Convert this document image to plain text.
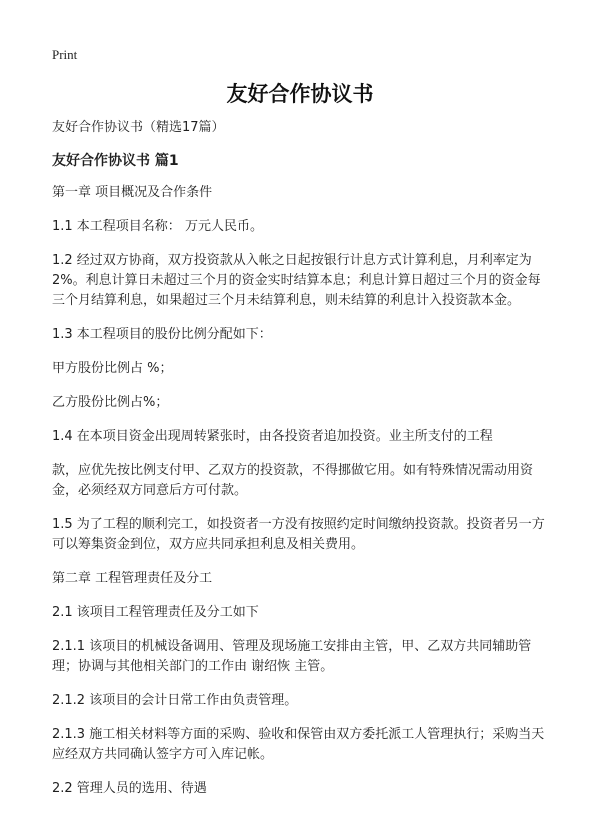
Print
友好合作协议书

友好合作协议书（精选17篇）

友好合作协议书 篇1

第一章 项目概况及合作条件

1.1 本工程项目名称： 万元人民币。

1.2 经过双方协商，双方投资款从入帐之日起按银行计息方式计算利息，月利率定为2%。利息计算日未超过三个月的资金实时结算本息；利息计算日超过三个月的资金每三个月结算利息，如果超过三个月未结算利息，则未结算的利息计入投资款本金。

1.3 本工程项目的股份比例分配如下：

甲方股份比例占 %；

乙方股份比例占%；

1.4 在本项目资金出现周转紧张时，由各投资者追加投资。业主所支付的工程

款，应优先按比例支付甲、乙双方的投资款，不得挪做它用。如有特殊情况需动用资金，必须经双方同意后方可付款。

1.5 为了工程的顺利完工，如投资者一方没有按照约定时间缴纳投资款。投资者另一方可以筹集资金到位，双方应共同承担利息及相关费用。

第二章 工程管理责任及分工

2.1 该项目工程管理责任及分工如下

2.1.1 该项目的机械设备调用、管理及现场施工安排由主管，甲、乙双方共同辅助管理；协调与其他相关部门的工作由 谢绍恢 主管。

2.1.2 该项目的会计日常工作由负责管理。

2.1.3 施工相关材料等方面的采购、验收和保管由双方委托派工人管理执行；采购当天应经双方共同确认签字方可入库记帐。

2.2 管理人员的选用、待遇
